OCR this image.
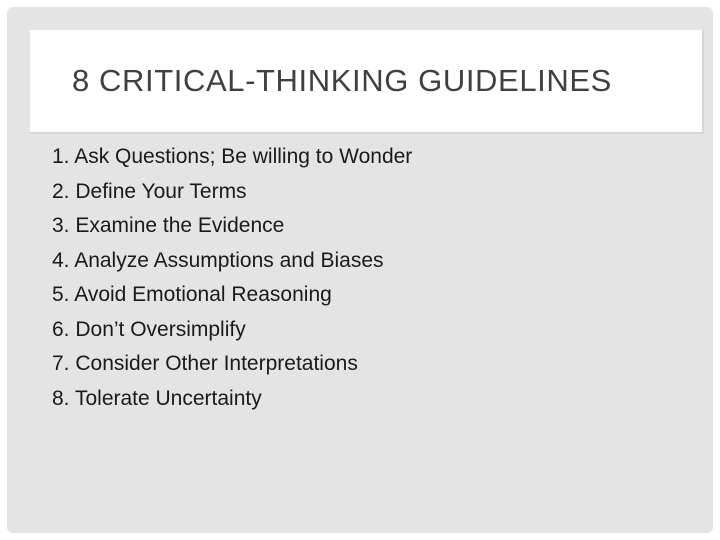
8 CRITICAL-THINKING GUIDELINES
1. Ask Questions; Be willing to Wonder
2. Define Your Terms
3. Examine the Evidence
4. Analyze Assumptions and Biases
5. Avoid Emotional Reasoning
6. Don’t Oversimplify
7. Consider Other Interpretations
8. Tolerate Uncertainty
